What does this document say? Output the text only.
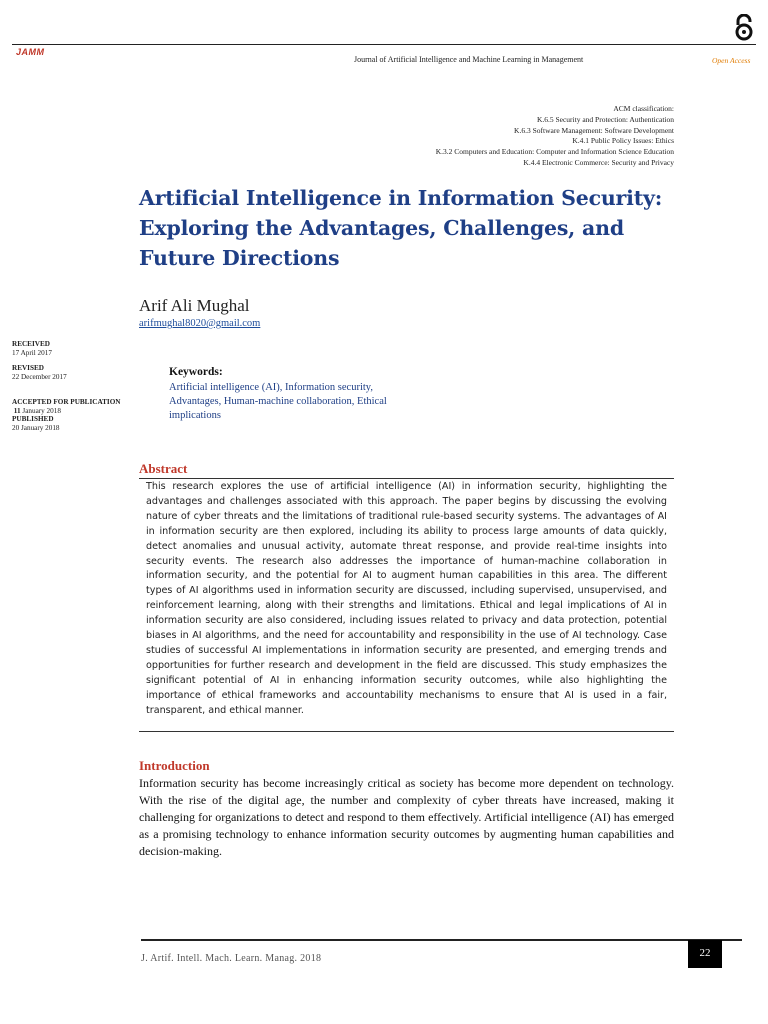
JAMM
Journal of Artificial Intelligence and Machine Learning in Management	Open Access
ACM classification:
K.6.5 Security and Protection: Authentication
K.6.3 Software Management: Software Development
K.4.1 Public Policy Issues: Ethics
K.3.2 Computers and Education: Computer and Information Science Education
K.4.4 Electronic Commerce: Security and Privacy
Artificial Intelligence in Information Security:
Exploring the Advantages, Challenges, and
Future Directions
Arif Ali Mughal
arifmughal8020@gmail.com
RECEIVED
17 April 2017
REVISED
22 December 2017
ACCEPTED FOR PUBLICATION
11 January 2018
PUBLISHED
20 January 2018
Keywords:
Artificial intelligence (AI), Information security, Advantages, Human-machine collaboration, Ethical implications
Abstract
This research explores the use of artificial intelligence (AI) in information security, highlighting the advantages and challenges associated with this approach. The paper begins by discussing the evolving nature of cyber threats and the limitations of traditional rule-based security systems. The advantages of AI in information security are then explored, including its ability to process large amounts of data quickly, detect anomalies and unusual activity, automate threat response, and provide real-time insights into security events. The research also addresses the importance of human-machine collaboration in information security, and the potential for AI to augment human capabilities in this area. The different types of AI algorithms used in information security are discussed, including supervised, unsupervised, and reinforcement learning, along with their strengths and limitations. Ethical and legal implications of AI in information security are also considered, including issues related to privacy and data protection, potential biases in AI algorithms, and the need for accountability and responsibility in the use of AI technology. Case studies of successful AI implementations in information security are presented, and emerging trends and opportunities for further research and development in the field are discussed. This study emphasizes the significant potential of AI in enhancing information security outcomes, while also highlighting the importance of ethical frameworks and accountability mechanisms to ensure that AI is used in a fair, transparent, and ethical manner.
Introduction
Information security has become increasingly critical as society has become more dependent on technology. With the rise of the digital age, the number and complexity of cyber threats have increased, making it challenging for organizations to detect and respond to them effectively. Artificial intelligence (AI) has emerged as a promising technology to enhance information security outcomes by augmenting human capabilities and decision-making.
J. Artif. Intell. Mach. Learn. Manag. 2018	22
